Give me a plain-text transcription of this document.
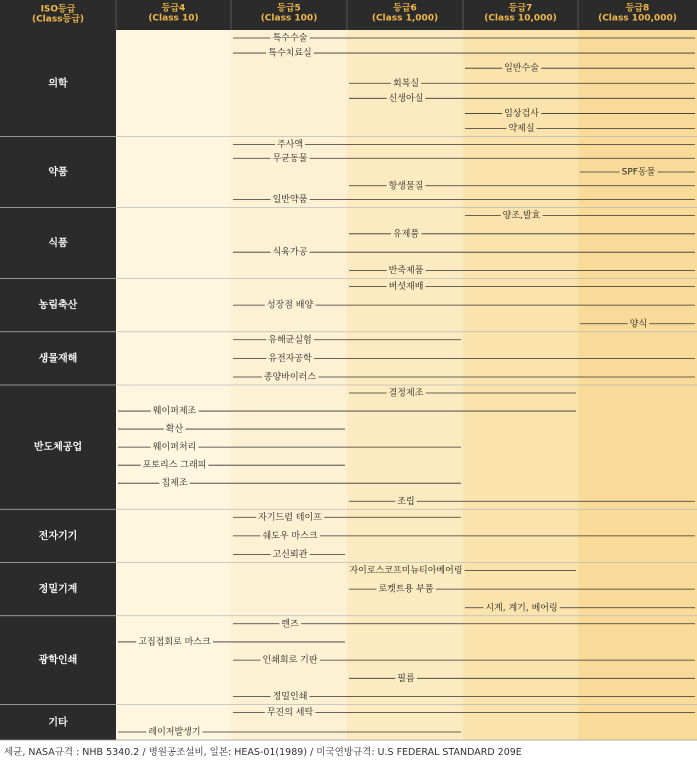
ISO등급
(Class등급)
등급4
(Class 10)
등급5
(Class 100)
등급6
(Class 1,000)
등급7
(Class 10,000)
등급8
(Class 100,000)
의학
특수수술
특수치료실
일반수술
회복실
신생아실
임상검사
약제실
약품
주사액
무균동물
SPF동물
항생물질
일반약품
식품
양조,발효
유제품
식육가공
반죽제품
농림축산
버섯재배
성장점 배양
양식
생물재해
유해균실험
유전자공학
종양바이러스
반도체공업
결정제조
웨이퍼제조
확산
웨이퍼처리
포토리스 그래피
칩제조
조립
전자기기
자기드럼 테이프
쉐도우 마스크
고신뢰관
정밀기계
자이로스코프미뉴티아베어링
로켓트용 부품
시계, 계기, 베어링
광학인쇄
렌즈
고집접회로 마스크
인쇄회로 기판
필름
정밀인쇄
기타
무진의 세탁
레이저발생기
세균, NASA규격 : NHB 5340.2 / 병원공조설비, 일본: HEAS-01(1989) / 미국연방규격: U.S FEDERAL STANDARD 209E
